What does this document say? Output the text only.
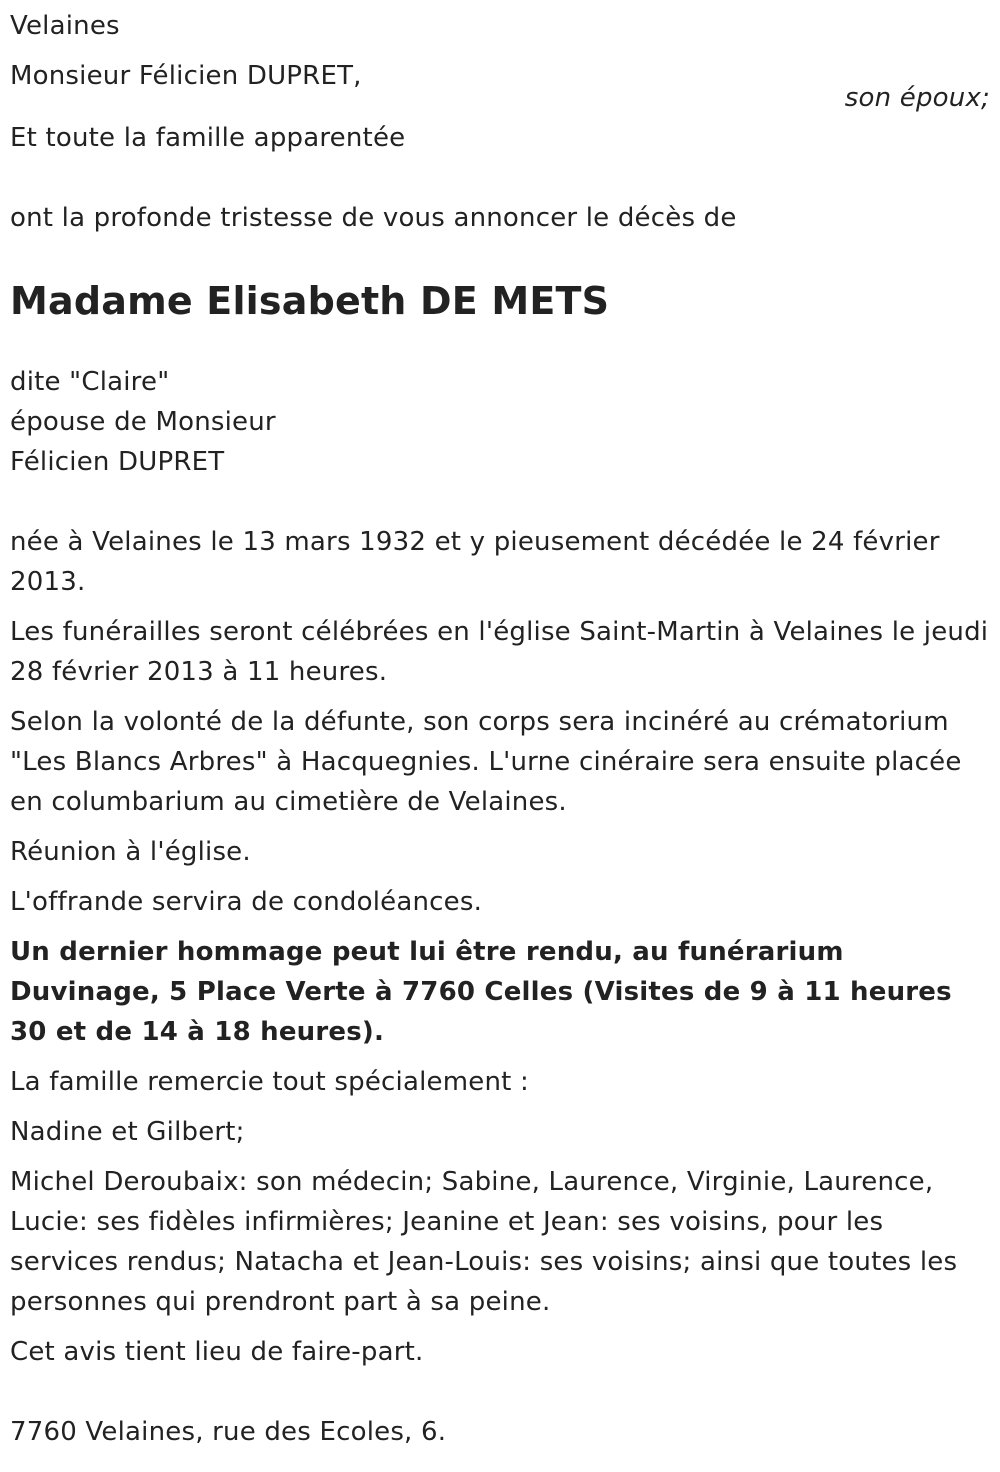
Velaines

Monsieur Félicien DUPRET,

son époux;

Et toute la famille apparentée

ont la profonde tristesse de vous annoncer le décès de

Madame Elisabeth DE METS

dite "Claire"

épouse de Monsieur

Félicien DUPRET

née à Velaines le 13 mars 1932 et y pieusement décédée le 24 février 2013.

Les funérailles seront célébrées en l'église Saint-Martin à Velaines le jeudi 28 février 2013 à 11 heures.

Selon la volonté de la défunte, son corps sera incinéré au crématorium "Les Blancs Arbres" à Hacquegnies. L'urne cinéraire sera ensuite placée en columbarium au cimetière de Velaines.

Réunion à l'église.

L'offrande servira de condoléances.

Un dernier hommage peut lui être rendu, au funérarium Duvinage, 5 Place Verte à 7760 Celles (Visites de 9 à 11 heures 30 et de 14 à 18 heures).

La famille remercie tout spécialement :

Nadine et Gilbert;

Michel Deroubaix: son médecin; Sabine, Laurence, Virginie, Laurence, Lucie: ses fidèles infirmières; Jeanine et Jean: ses voisins, pour les services rendus; Natacha et Jean-Louis: ses voisins; ainsi que toutes les personnes qui prendront part à sa peine.

Cet avis tient lieu de faire-part.

7760 Velaines, rue des Ecoles, 6.
